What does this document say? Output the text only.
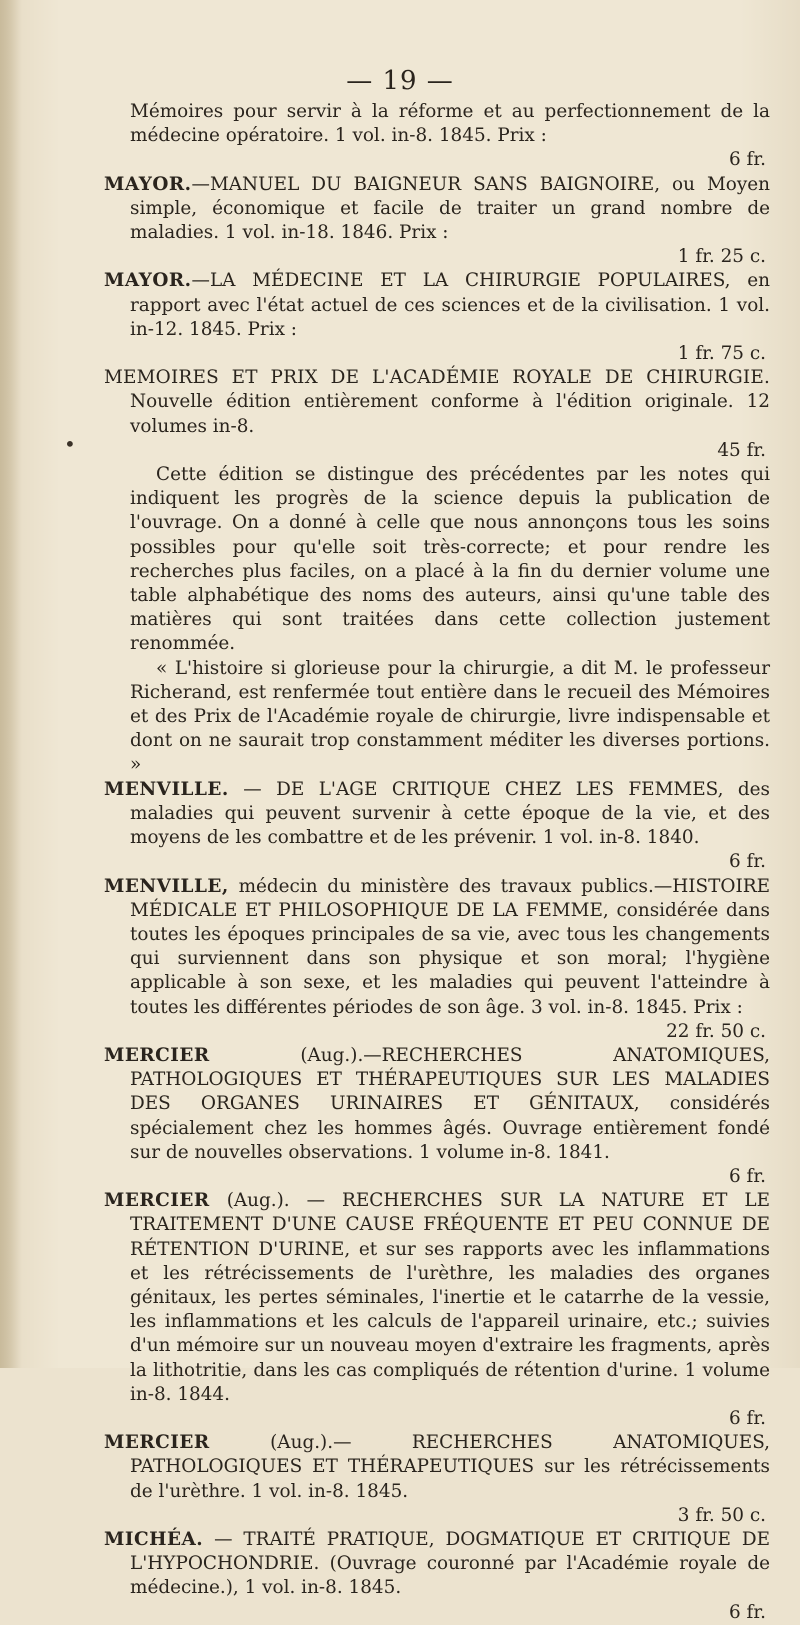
— 19 —
•

Mémoires pour servir à la réforme et au perfectionnement de la médecine opératoire. 1 vol. in-8. 1845. Prix :

6 fr.

MAYOR.—MANUEL DU BAIGNEUR SANS BAIGNOIRE, ou Moyen simple, économique et facile de traiter un grand nombre de maladies. 1 vol. in-18. 1846. Prix :

1 fr. 25 c.

MAYOR.—LA MÉDECINE ET LA CHIRURGIE POPULAIRES, en rapport avec l'état actuel de ces sciences et de la civilisation. 1 vol. in-12. 1845. Prix :

1 fr. 75 c.

MEMOIRES ET PRIX DE L'ACADÉMIE ROYALE DE CHIRURGIE. Nouvelle édition entièrement conforme à l'édition originale. 12 volumes in-8.

45 fr.

Cette édition se distingue des précédentes par les notes qui indiquent les progrès de la science depuis la publication de l'ouvrage. On a donné à celle que nous annonçons tous les soins possibles pour qu'elle soit très-correcte; et pour rendre les recherches plus faciles, on a placé à la fin du dernier volume une table alphabétique des noms des auteurs, ainsi qu'une table des matières qui sont traitées dans cette collection justement renommée.

« L'histoire si glorieuse pour la chirurgie, a dit M. le professeur Richerand, est renfermée tout entière dans le recueil des Mémoires et des Prix de l'Académie royale de chirurgie, livre indispensable et dont on ne saurait trop constamment méditer les diverses portions. »

MENVILLE. — DE L'AGE CRITIQUE CHEZ LES FEMMES, des maladies qui peuvent survenir à cette époque de la vie, et des moyens de les combattre et de les prévenir. 1 vol. in-8. 1840.

6 fr.

MENVILLE, médecin du ministère des travaux publics.—HISTOIRE MÉDICALE ET PHILOSOPHIQUE DE LA FEMME, considérée dans toutes les époques principales de sa vie, avec tous les changements qui surviennent dans son physique et son moral; l'hygiène applicable à son sexe, et les maladies qui peuvent l'atteindre à toutes les différentes périodes de son âge. 3 vol. in-8. 1845. Prix :

22 fr. 50 c.

MERCIER (Aug.).—RECHERCHES ANATOMIQUES, PATHOLOGIQUES ET THÉRAPEUTIQUES SUR LES MALADIES DES ORGANES URINAIRES ET GÉNITAUX, considérés spécialement chez les hommes âgés. Ouvrage entièrement fondé sur de nouvelles observations. 1 volume in-8. 1841.

6 fr.

MERCIER (Aug.). — RECHERCHES SUR LA NATURE ET LE TRAITEMENT D'UNE CAUSE FRÉQUENTE ET PEU CONNUE DE RÉTENTION D'URINE, et sur ses rapports avec les inflammations et les rétrécissements de l'urèthre, les maladies des organes génitaux, les pertes séminales, l'inertie et le catarrhe de la vessie, les inflammations et les calculs de l'appareil urinaire, etc.; suivies d'un mémoire sur un nouveau moyen d'extraire les fragments, après la lithotritie, dans les cas compliqués de rétention d'urine. 1 volume in-8. 1844.

6 fr.

MERCIER (Aug.).— RECHERCHES ANATOMIQUES, PATHOLOGIQUES ET THÉRAPEUTIQUES sur les rétrécissements de l'urèthre. 1 vol. in-8. 1845.

3 fr. 50 c.

MICHÉA. — TRAITÉ PRATIQUE, DOGMATIQUE ET CRITIQUE DE L'HYPOCHONDRIE. (Ouvrage couronné par l'Académie royale de médecine.), 1 vol. in-8. 1845.

6 fr.
